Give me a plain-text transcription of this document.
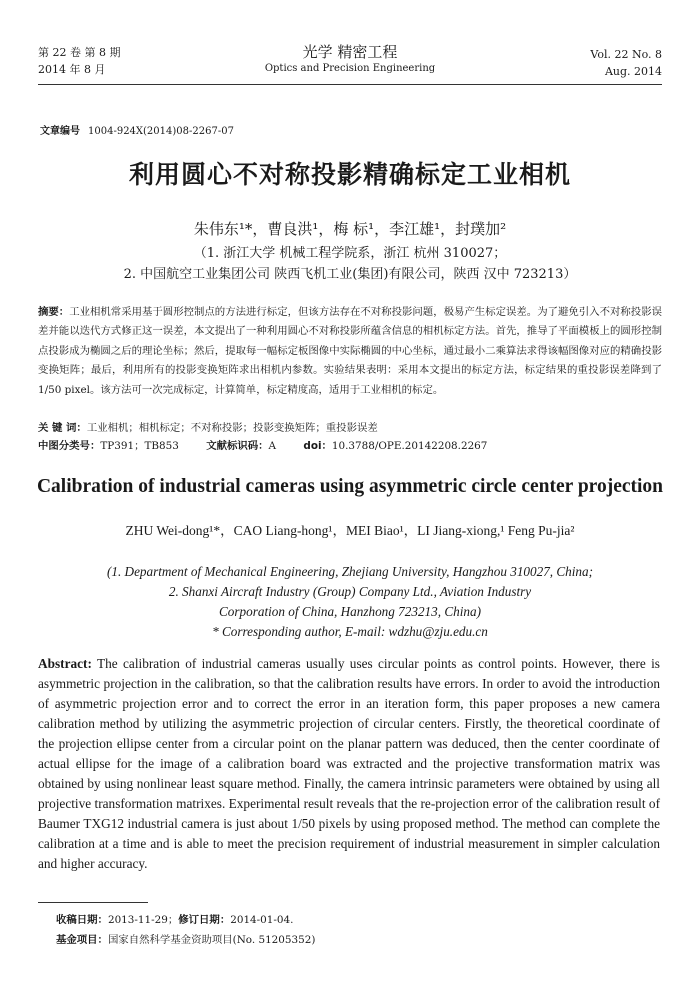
第 22 卷 第 8 期
2014 年 8 月
光学 精密工程
Optics and Precision Engineering
Vol. 22 No. 8
Aug. 2014
文章编号 1004-924X(2014)08-2267-07
利用圆心不对称投影精确标定工业相机
朱伟东¹*，曹良洪¹，梅 标¹，李江雄¹，封璞加²
（1. 浙江大学 机械工程学院系，浙江 杭州 310027；
2. 中国航空工业集团公司 陕西飞机工业(集团)有限公司，陕西 汉中 723213）
摘要：工业相机常采用基于圆形控制点的方法进行标定，但该方法存在不对称投影问题，极易产生标定误差。为了避免引入不对称投影误差并能以迭代方式修正这一误差，本文提出了一种利用圆心不对称投影所蕴含信息的相机标定方法。首先，推导了平面模板上的圆形控制点投影成为椭圆之后的理论坐标；然后，提取每一幅标定板图像中实际椭圆的中心坐标，通过最小二乘算法求得该幅图像对应的精确投影变换矩阵；最后，利用所有的投影变换矩阵求出相机内参数。实验结果表明：采用本文提出的标定方法，标定结果的重投影误差降到了 1/50 pixel。该方法可一次完成标定，计算简单，标定精度高，适用于工业相机的标定。
关 键 词：工业相机；相机标定；不对称投影；投影变换矩阵；重投影误差
中图分类号：TP391；TB853	文献标识码：A	doi：10.3788/OPE.20142208.2267
Calibration of industrial cameras using asymmetric circle center projection
ZHU Wei-dong¹*，CAO Liang-hong¹，MEI Biao¹，LI Jiang-xiong,¹ Feng Pu-jia²
(1. Department of Mechanical Engineering, Zhejiang University, Hangzhou 310027, China;
2. Shanxi Aircraft Industry (Group) Company Ltd., Aviation Industry
Corporation of China, Hanzhong 723213, China)
* Corresponding author, E-mail: wdzhu@zju.edu.cn
Abstract: The calibration of industrial cameras usually uses circular points as control points. However, there is asymmetric projection in the calibration, so that the calibration results have errors. In order to avoid the introduction of asymmetric projection error and to correct the error in an iteration form, this paper proposes a new camera calibration method by utilizing the asymmetric projection of circular centers. Firstly, the theoretical coordinate of the projection ellipse center from a circular point on the planar pattern was deduced, then the center coordinate of actual ellipse for the image of a calibration board was extracted and the projective transformation matrix was obtained by using nonlinear least square method. Finally, the camera intrinsic parameters were obtained by using all projective transformation matrixes. Experimental result reveals that the re-projection error of the calibration result of Baumer TXG12 industrial camera is just about 1/50 pixels by using proposed method. The method can complete the calibration at a time and is able to meet the precision requirement of industrial measurement in simpler calculation and higher accuracy.
收稿日期：2013-11-29；修订日期：2014-01-04.
基金项目：国家自然科学基金资助项目(No. 51205352)
